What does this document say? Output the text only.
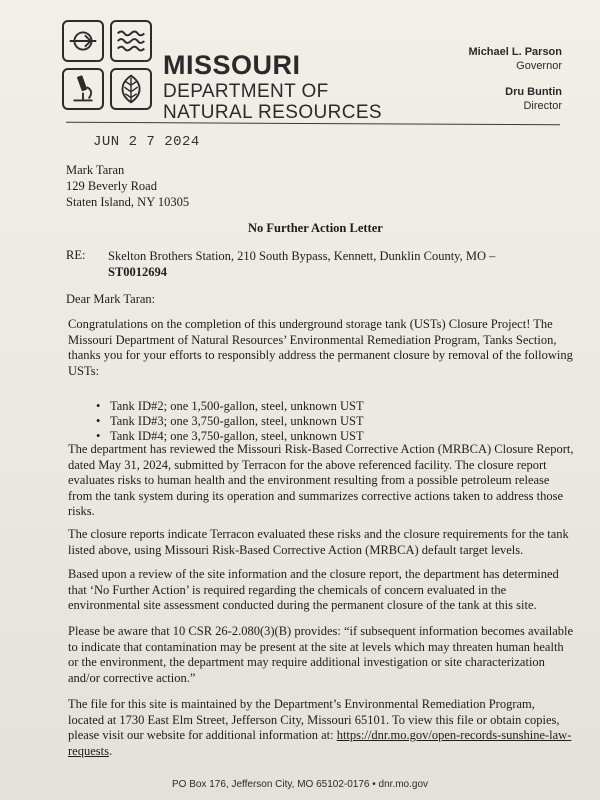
MISSOURI
DEPARTMENT OF
NATURAL RESOURCES
Michael L. Parson
Governor
Dru Buntin
Director
JUN 2 7 2024
Mark Taran
129 Beverly Road
Staten Island, NY 10305
No Further Action Letter
RE: Skelton Brothers Station, 210 South Bypass, Kennett, Dunklin County, MO –
ST0012694
Dear Mark Taran:
Congratulations on the completion of this underground storage tank (USTs) Closure Project! The Missouri Department of Natural Resources’ Environmental Remediation Program, Tanks Section, thanks you for your efforts to responsibly address the permanent closure by removal of the following USTs:
• Tank ID#2; one 1,500-gallon, steel, unknown UST
• Tank ID#3; one 3,750-gallon, steel, unknown UST
• Tank ID#4; one 3,750-gallon, steel, unknown UST
The department has reviewed the Missouri Risk-Based Corrective Action (MRBCA) Closure Report, dated May 31, 2024, submitted by Terracon for the above referenced facility. The closure report evaluates risks to human health and the environment resulting from a possible petroleum release from the tank system during its operation and summarizes corrective actions taken to address those risks.
The closure reports indicate Terracon evaluated these risks and the closure requirements for the tank listed above, using Missouri Risk-Based Corrective Action (MRBCA) default target levels.
Based upon a review of the site information and the closure report, the department has determined that ‘No Further Action’ is required regarding the chemicals of concern evaluated in the environmental site assessment conducted during the permanent closure of the tank at this site.
Please be aware that 10 CSR 26-2.080(3)(B) provides: “if subsequent information becomes available to indicate that contamination may be present at the site at levels which may threaten human health or the environment, the department may require additional investigation or site characterization and/or corrective action.”
The file for this site is maintained by the Department’s Environmental Remediation Program, located at 1730 East Elm Street, Jefferson City, Missouri 65101. To view this file or obtain copies, please visit our website for additional information at: https://dnr.mo.gov/open-records-sunshine-law-requests.
PO Box 176, Jefferson City, MO 65102-0176 • dnr.mo.gov
